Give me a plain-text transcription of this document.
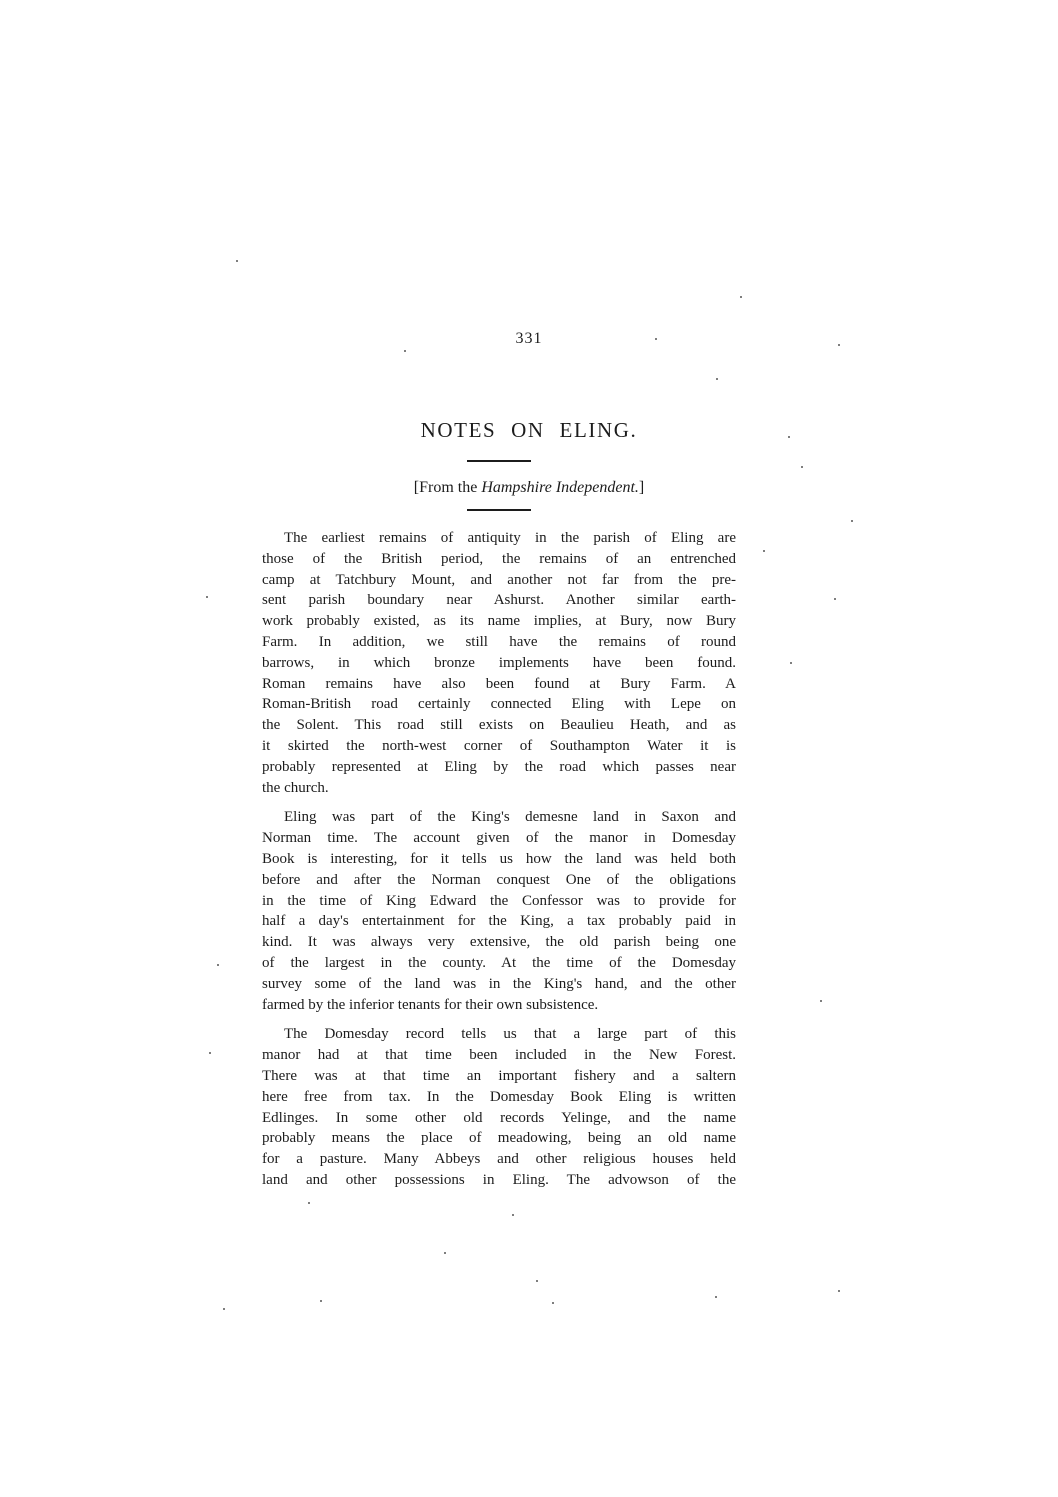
331
NOTES ON ELING.
[From the Hampshire Independent.]

The earliest remains of antiquity in the parish of Eling are
those of the British period, the remains of an entrenched
camp at Tatchbury Mount, and another not far from the pre-
sent parish boundary near Ashurst. Another similar earth-
work probably existed, as its name implies, at Bury, now Bury
Farm. In addition, we still have the remains of round
barrows, in which bronze implements have been found.
Roman remains have also been found at Bury Farm. A
Roman-British road certainly connected Eling with Lepe on
the Solent. This road still exists on Beaulieu Heath, and as
it skirted the north-west corner of Southampton Water it is
probably represented at Eling by the road which passes near
the church.

Eling was part of the King's demesne land in Saxon and
Norman time. The account given of the manor in Domesday
Book is interesting, for it tells us how the land was held both
before and after the Norman conquest One of the obligations
in the time of King Edward the Confessor was to provide for
half a day's entertainment for the King, a tax probably paid in
kind. It was always very extensive, the old parish being one
of the largest in the county. At the time of the Domesday
survey some of the land was in the King's hand, and the other
farmed by the inferior tenants for their own subsistence.

The Domesday record tells us that a large part of this
manor had at that time been included in the New Forest.
There was at that time an important fishery and a saltern
here free from tax. In the Domesday Book Eling is written
Edlinges. In some other old records Yelinge, and the name
probably means the place of meadowing, being an old name
for a pasture. Many Abbeys and other religious houses held
land and other possessions in Eling. The advowson of the
